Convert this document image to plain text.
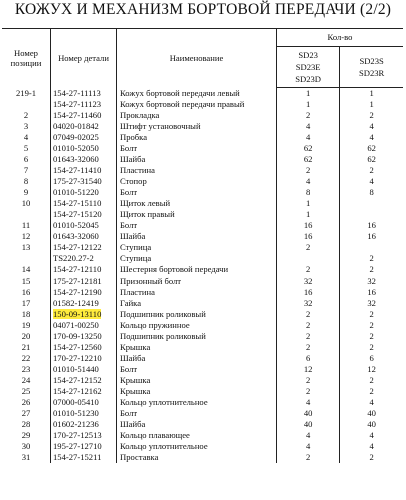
КОЖУХ И МЕХАНИЗМ БОРТОВОЙ ПЕРЕДАЧИ (2/2)
Номер
позиции	Номер детали	Наименование	Кол-во	

			SD23
SD23E
SD23D	SD23S
SD23R

219-1	154-27-11113	Кожух бортовой передачи левый	1	1
	154-27-11123	Кожух бортовой передачи правый	1	1
2	154-27-11460	Прокладка	2	2
3	04020-01842	Штифт установочный	4	4
4	07049-02025	Пробка	4	4
5	01010-52050	Болт	62	62
6	01643-32060	Шайба	62	62
7	154-27-11410	Пластина	2	2
8	175-27-31540	Стопор	4	4
9	01010-51220	Болт	8	8
10	154-27-15110	Щиток левый	1	
	154-27-15120	Щиток правый	1	
11	01010-52045	Болт	16	16
12	01643-32060	Шайба	16	16
13	154-27-12122	Ступица	2	
	TS220.27-2	Ступица		2
14	154-27-12110	Шестерня бортовой передачи	2	2
15	175-27-12181	Призонный болт	32	32
16	154-27-12190	Пластина	16	16
17	01582-12419	Гайка	32	32
18	150-09-13110	Подшипник роликовый	2	2
19	04071-00250	Кольцо пружинное	2	2
20	170-09-13250	Подшипник роликовый	2	2
21	154-27-12560	Крышка	2	2
22	170-27-12210	Шайба	6	6
23	01010-51440	Болт	12	12
24	154-27-12152	Крышка	2	2
25	154-27-12162	Крышка	2	2
26	07000-05410	Кольцо уплотнительное	4	4
27	01010-51230	Болт	40	40
28	01602-21236	Шайба	40	40
29	170-27-12513	Кольцо плавающее	4	4
30	195-27-12710	Кольцо уплотнительное	4	4
31	154-27-15211	Проставка	2	2
